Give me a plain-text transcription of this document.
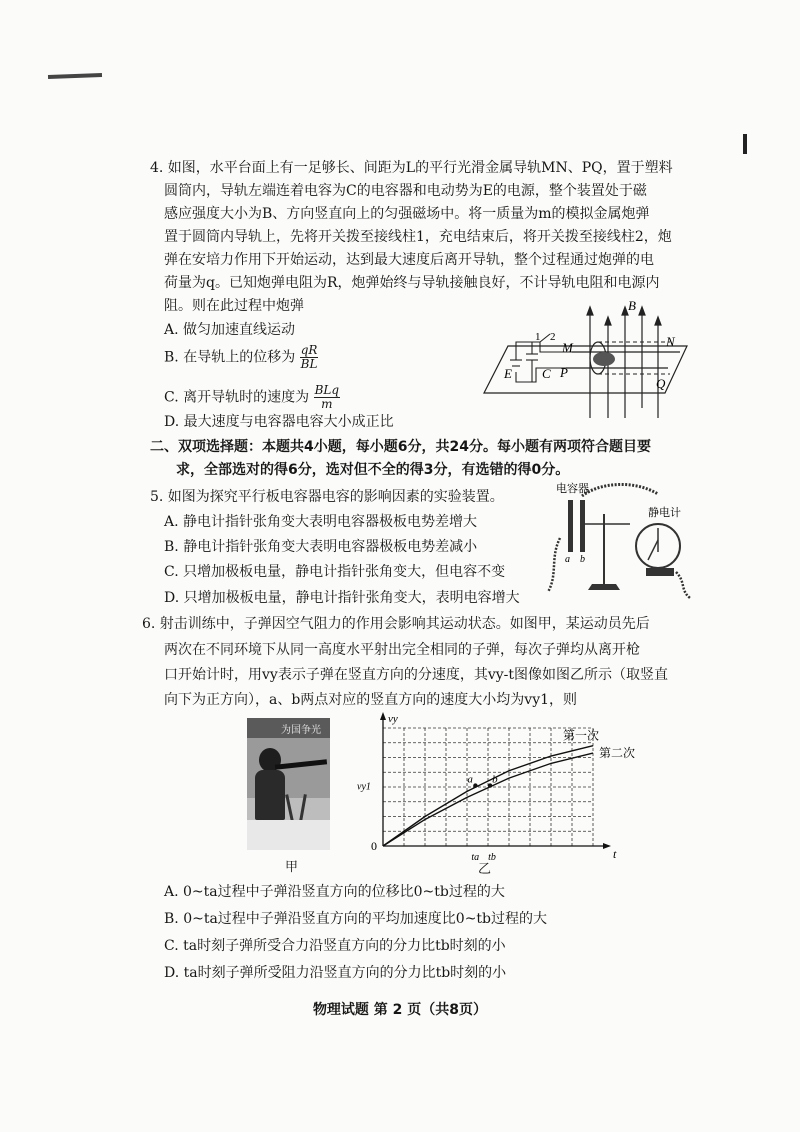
4. 如图，水平台面上有一足够长、间距为L的平行光滑金属导轨MN、PQ，置于塑料
圆筒内，导轨左端连着电容为C的电容器和电动势为E的电源，整个装置处于磁
感应强度大小为B、方向竖直向上的匀强磁场中。将一质量为m的模拟金属炮弹
置于圆筒内导轨上，先将开关拨至接线柱1，充电结束后，将开关拨至接线柱2，炮
弹在安培力作用下开始运动，达到最大速度后离开导轨，整个过程通过炮弹的电
荷量为q。已知炮弹电阻为R，炮弹始终与导轨接触良好，不计导轨电阻和电源内
阻。则在此过程中炮弹
A. 做匀加速直线运动
B. 在导轨上的位移为 $\frac{qR}{BL}$
C. 离开导轨时的速度为 $\frac{\text{BLq}}{m}$
D. 最大速度与电容器电容大小成正比
N
M
P
Q
E C
B
1 2
二、双项选择题：本题共4小题，每小题6分，共24分。每小题有两项符合题目要
求，全部选对的得6分，选对但不全的得3分，有选错的得0分。
5. 如图为探究平行板电容器电容的影响因素的实验装置。
A. 静电计指针张角变大表明电容器极板电势差增大
B. 静电计指针张角变大表明电容器极板电势差减小
C. 只增加极板电量，静电计指针张角变大，但电容不变
D. 只增加极板电量，静电计指针张角变大，表明电容增大
电容器
静电计
a b
6. 射击训练中，子弹因空气阻力的作用会影响其运动状态。如图甲，某运动员先后
两次在不同环境下从同一高度水平射出完全相同的子弹，每次子弹均从离开枪
口开始计时，用vy表示子弹在竖直方向的分速度，其vy-t图像如图乙所示（取竖直
向下为正方向），a、b两点对应的竖直方向的速度大小均为vy1，则
为国争光
甲
t
vy
0
第一次
第二次
vy1
a b
ta tb
乙
A. 0~ta过程中子弹沿竖直方向的位移比0~tb过程的大
B. 0~ta过程中子弹沿竖直方向的平均加速度比0~tb过程的大
C. ta时刻子弹所受合力沿竖直方向的分力比tb时刻的小
D. ta时刻子弹所受阻力沿竖直方向的分力比tb时刻的小
物理试题 第 2 页（共8页）
